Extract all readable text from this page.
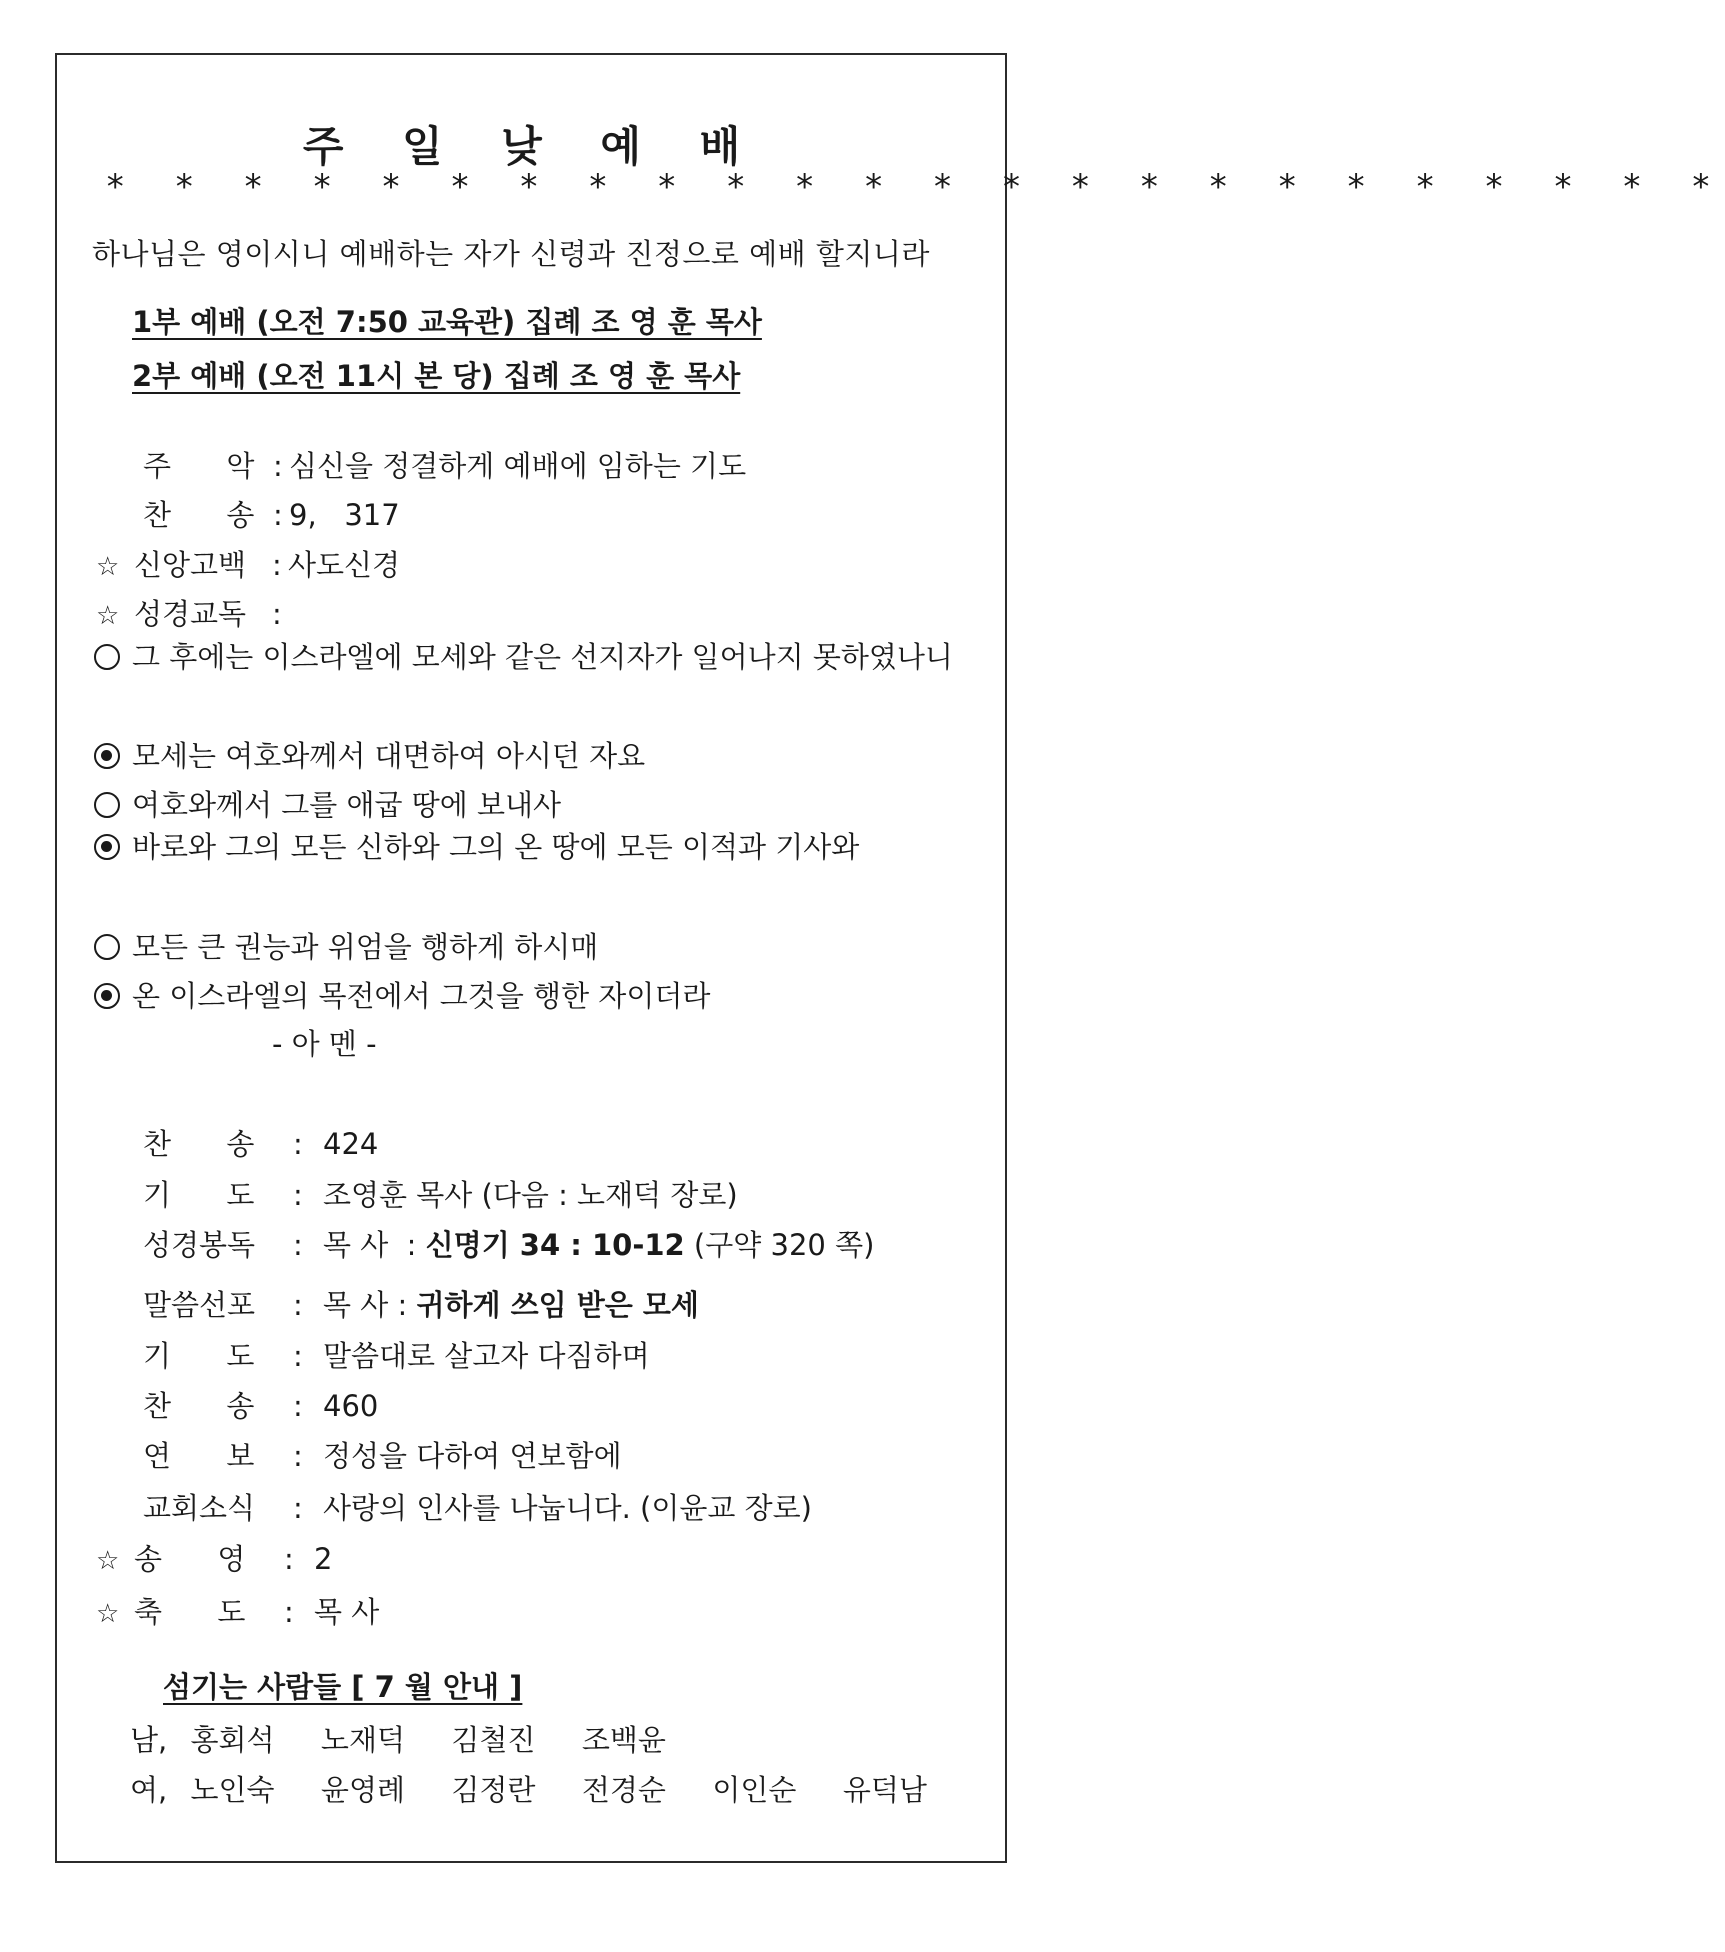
주 일 낮 예 배
* * * * * * * * * * * * * * * * * * * * * * * *
하나님은 영이시니 예배하는 자가 신령과 진정으로 예배 할지니라
1부 예배 (오전 7:50 교육관) 집례 조 영 훈 목사
2부 예배 (오전 11시 본 당) 집례 조 영 훈 목사
주      악 : 심신을 정결하게 예배에 임하는 기도
찬      송 : 9,   317
☆ 신앙고백 : 사도신경
☆ 성경교독 :
그 후에는 이스라엘에 모세와 같은 선지자가 일어나지 못하였나니
모세는 여호와께서 대면하여 아시던 자요
여호와께서 그를 애굽 땅에 보내사
바로와 그의 모든 신하와 그의 온 땅에 모든 이적과 기사와
모든 큰 권능과 위엄을 행하게 하시매
온 이스라엘의 목전에서 그것을 행한 자이더라
- 아 멘 -
찬      송 : 424
기      도 : 조영훈 목사 (다음 : 노재덕 장로)
성경봉독 : 목 사  : 신명기 34 : 10-12 (구약 320 쪽)
말씀선포 : 목 사 : 귀하게 쓰임 받은 모세
기      도 : 말씀대로 살고자 다짐하며
찬      송 : 460
연      보 : 정성을 다하여 연보함에
교회소식 : 사랑의 인사를 나눕니다. (이윤교 장로)
☆ 송      영 : 2
☆ 축      도 : 목 사
섬기는 사람들 [ 7 월 안내 ]
남, 홍회석  노재덕  김철진  조백윤
여, 노인숙  윤영례  김정란  전경순  이인순  유덕남
